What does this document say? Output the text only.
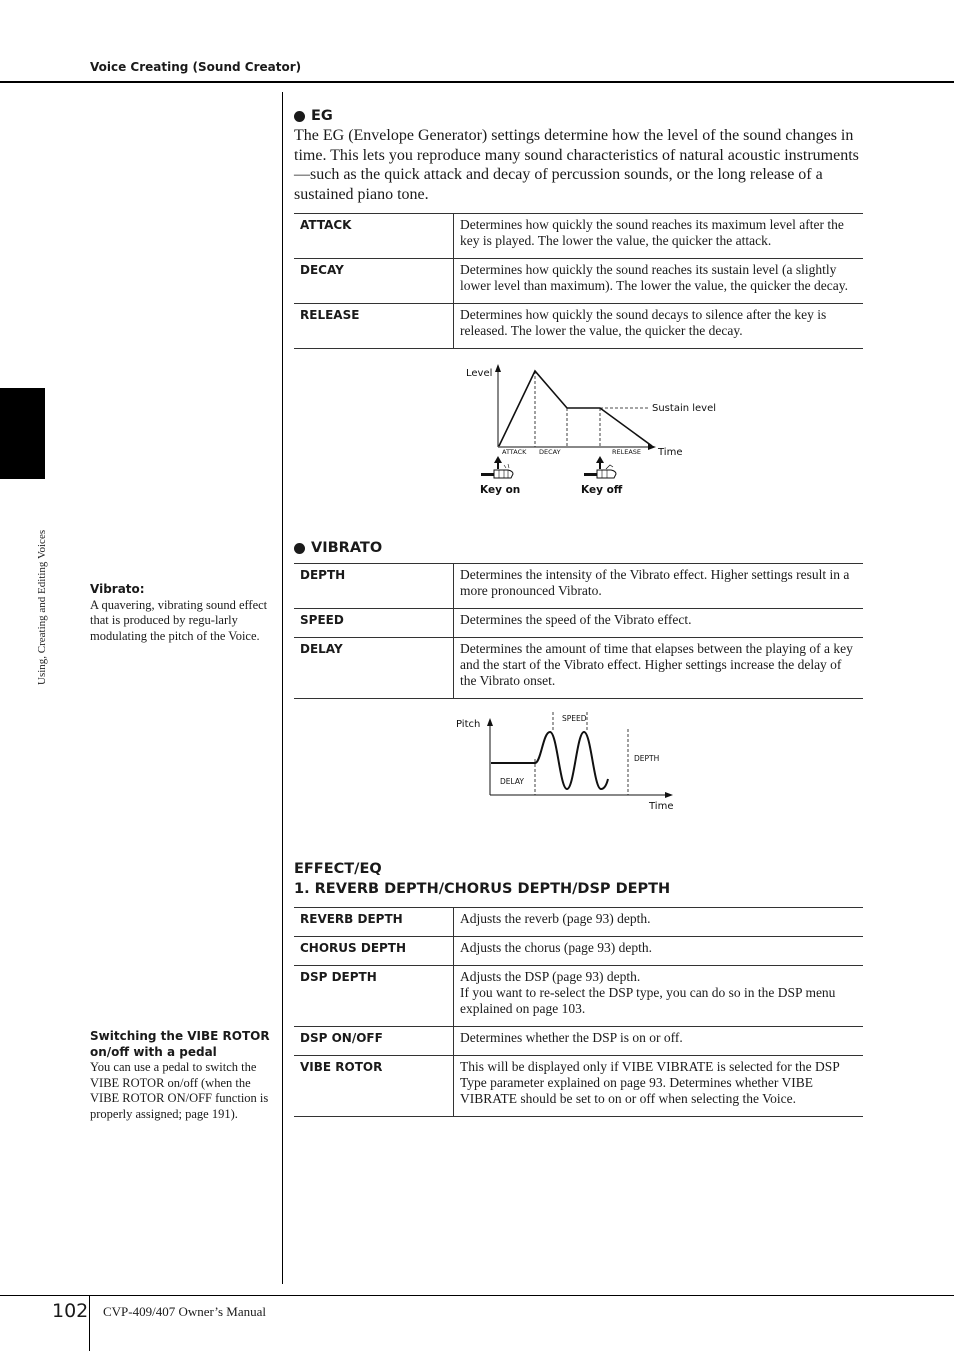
Voice Creating (Sound Creator)
Using, Creating and Editing Voices	Vibrato:
A quavering, vibrating sound effect that is produced by regu-larly modulating the pitch of the Voice.
Switching the VIBE ROTOR on/off with a pedal
You can use a pedal to switch the VIBE ROTOR on/off (when the VIBE ROTOR ON/OFF function is properly assigned; page 191).
EG

The EG (Envelope Generator) settings determine how the level of the sound changes in time. This lets you reproduce many sound characteristics of natural acoustic instruments—such as the quick attack and decay of percussion sounds, or the long release of a sustained piano tone.

ATTACK	Determines how quickly the sound reaches its maximum level after the key is played. The lower the value, the quicker the attack.
DECAY	Determines how quickly the sound reaches its sustain level (a slightly lower level than maximum). The lower the value, the quicker the decay.
RELEASE	Determines how quickly the sound decays to silence after the key is released. The lower the value, the quicker the decay.
Level
Sustain level
Time
ATTACK DECAY	RELEASE
Key on	Key off
VIBRATO
DEPTH	Determines the intensity of the Vibrato effect. Higher settings result in a more pronounced Vibrato.
SPEED	Determines the speed of the Vibrato effect.
DELAY	Determines the amount of time that elapses between the playing of a key and the start of the Vibrato effect. Higher settings increase the delay of the Vibrato onset.
Pitch
SPEED
DEPTH
DELAY
Time
EFFECT/EQ
1. REVERB DEPTH/CHORUS DEPTH/DSP DEPTH
REVERB DEPTH	Adjusts the reverb (page 93) depth.
CHORUS DEPTH	Adjusts the chorus (page 93) depth.
DSP DEPTH	Adjusts the DSP (page 93) depth.
If you want to re-select the DSP type, you can do so in the DSP menu explained on page 103.

DSP ON/OFF	Determines whether the DSP is on or off.
VIBE ROTOR	This will be displayed only if VIBE VIBRATE is selected for the DSP Type parameter explained on page 93. Determines whether VIBE VIBRATE should be set to on or off when selecting the Voice.
102 CVP-409/407 Owner’s Manual
